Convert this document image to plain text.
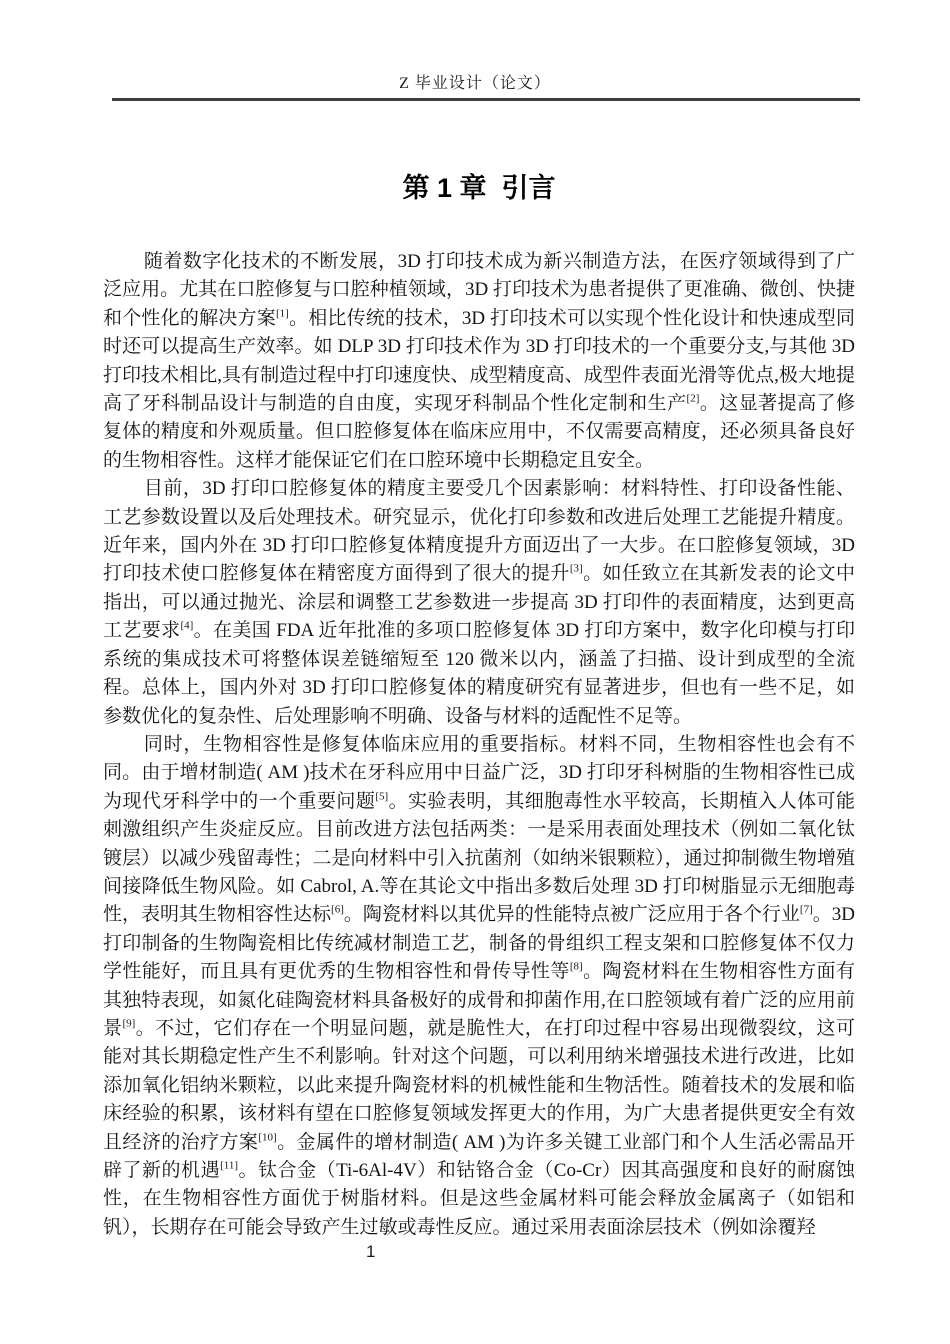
Z 毕业设计（论文）
第 1 章  引言

随着数字化技术的不断发展，3D 打印技术成为新兴制造方法，在医疗领域得到了广泛应用。尤其在口腔修复与口腔种植领域，3D 打印技术为患者提供了更准确、微创、快捷和个性化的解决方案[1]。相比传统的技术，3D 打印技术可以实现个性化设计和快速成型同时还可以提高生产效率。如 DLP 3D 打印技术作为 3D 打印技术的一个重要分支,与其他 3D 打印技术相比,具有制造过程中打印速度快、成型精度高、成型件表面光滑等优点,极大地提高了牙科制品设计与制造的自由度，实现牙科制品个性化定制和生产[2]。这显著提高了修复体的精度和外观质量。但口腔修复体在临床应用中，不仅需要高精度，还必须具备良好的生物相容性。这样才能保证它们在口腔环境中长期稳定且安全。

目前，3D 打印口腔修复体的精度主要受几个因素影响：材料特性、打印设备性能、工艺参数设置以及后处理技术。研究显示，优化打印参数和改进后处理工艺能提升精度。近年来，国内外在 3D 打印口腔修复体精度提升方面迈出了一大步。在口腔修复领域，3D 打印技术使口腔修复体在精密度方面得到了很大的提升[3]。如任致立在其新发表的论文中指出，可以通过抛光、涂层和调整工艺参数进一步提高 3D 打印件的表面精度，达到更高工艺要求[4]。在美国 FDA 近年批准的多项口腔修复体 3D 打印方案中，数字化印模与打印系统的集成技术可将整体误差链缩短至 120 微米以内，涵盖了扫描、设计到成型的全流程。总体上，国内外对 3D 打印口腔修复体的精度研究有显著进步，但也有一些不足，如参数优化的复杂性、后处理影响不明确、设备与材料的适配性不足等。

同时，生物相容性是修复体临床应用的重要指标。材料不同，生物相容性也会有不同。由于增材制造( AM )技术在牙科应用中日益广泛，3D 打印牙科树脂的生物相容性已成为现代牙科学中的一个重要问题[5]。实验表明，其细胞毒性水平较高，长期植入人体可能刺激组织产生炎症反应。目前改进方法包括两类：一是采用表面处理技术（例如二氧化钛镀层）以减少残留毒性；二是向材料中引入抗菌剂（如纳米银颗粒），通过抑制微生物增殖间接降低生物风险。如 Cabrol, A.等在其论文中指出多数后处理 3D 打印树脂显示无细胞毒性，表明其生物相容性达标[6]。陶瓷材料以其优异的性能特点被广泛应用于各个行业[7]。3D 打印制备的生物陶瓷相比传统减材制造工艺，制备的骨组织工程支架和口腔修复体不仅力学性能好，而且具有更优秀的生物相容性和骨传导性等[8]。陶瓷材料在生物相容性方面有其独特表现，如氮化硅陶瓷材料具备极好的成骨和抑菌作用,在口腔领域有着广泛的应用前景[9]。不过，它们存在一个明显问题，就是脆性大，在打印过程中容易出现微裂纹，这可能对其长期稳定性产生不利影响。针对这个问题，可以利用纳米增强技术进行改进，比如添加氧化铝纳米颗粒，以此来提升陶瓷材料的机械性能和生物活性。随着技术的发展和临床经验的积累，该材料有望在口腔修复领域发挥更大的作用，为广大患者提供更安全有效且经济的治疗方案[10]。金属件的增材制造( AM )为许多关键工业部门和个人生活必需品开辟了新的机遇[11]。钛合金（Ti-6Al-4V）和钴铬合金（Co-Cr）因其高强度和良好的耐腐蚀性，在生物相容性方面优于树脂材料。但是这些金属材料可能会释放金属离子（如铝和钒），长期存在可能会导致产生过敏或毒性反应。通过采用表面涂层技术（例如涂覆羟

1
